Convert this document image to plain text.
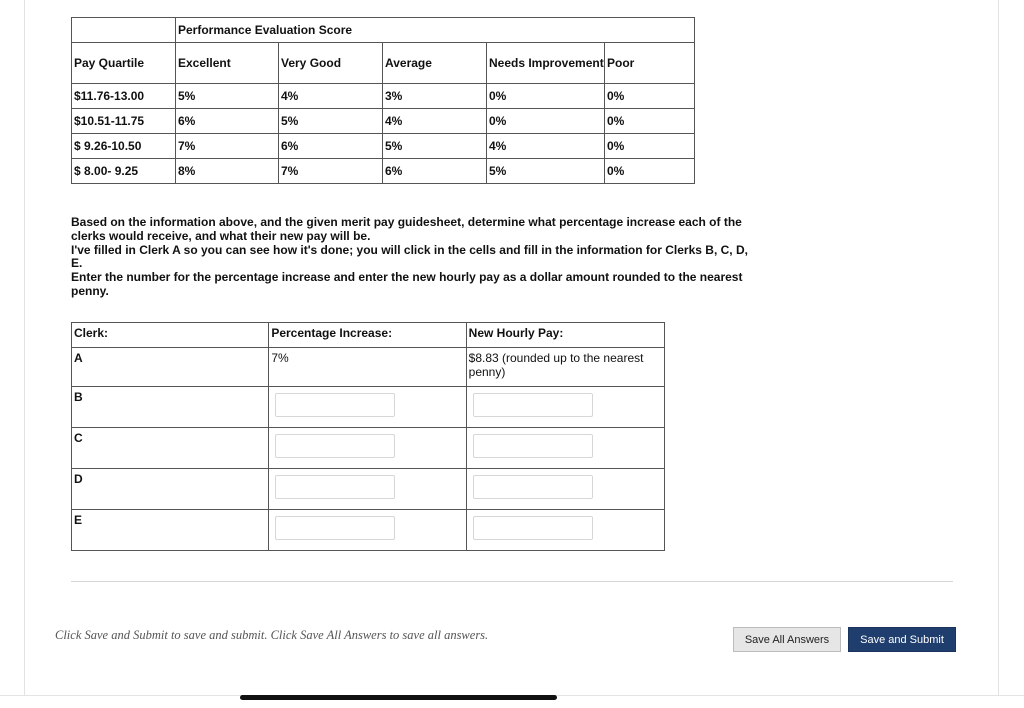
	Performance Evaluation Score				
Pay Quartile	Excellent	Very Good	Average	Needs Improvement	Poor
$11.76-13.00	5%	4%	3%	0%	0%
$10.51-11.75	6%	5%	4%	0%	0%
$ 9.26-10.50	7%	6%	5%	4%	0%
$ 8.00- 9.25	8%	7%	6%	5%	0%

Based on the information above, and the given merit pay guidesheet, determine what percentage increase each of the clerks would receive, and what their new pay will be.

I've filled in Clerk A so you can see how it's done; you will click in the cells and fill in the information for Clerks B, C, D, E.

Enter the number for the percentage increase and enter the new hourly pay as a dollar amount rounded to the nearest penny.

Clerk:	Percentage Increase:	New Hourly Pay:
A	7%	$8.83 (rounded up to the nearest penny)
B	

C	

D	

E	

Click Save and Submit to save and submit. Click Save All Answers to save all answers.	Save All Answers	Save and Submit
